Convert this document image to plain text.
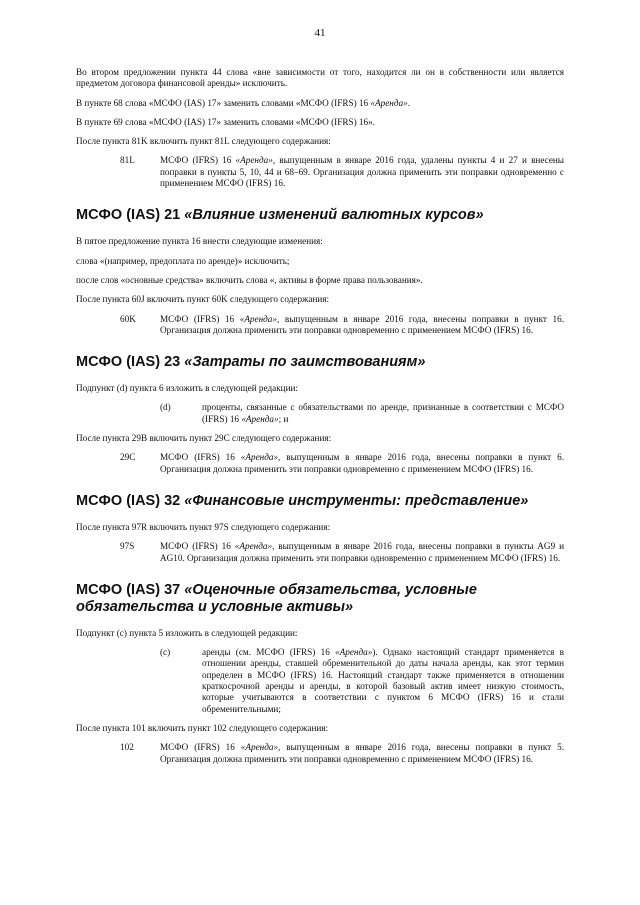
41

Во втором предложении пункта 44 слова «вне зависимости от того, находится ли он в собственности или является предметом договора финансовой аренды» исключить.

В пункте 68 слова «МСФО (IAS) 17» заменить словами «МСФО (IFRS) 16 «Аренда».

В пункте 69 слова «МСФО (IAS) 17» заменить словами «МСФО (IFRS) 16».

После пункта 81K включить пункт 81L следующего содержания:

81L	МСФО (IFRS) 16 «Аренда», выпущенным в январе 2016 года, удалены пункты 4 и 27 и внесены поправки в пункты 5, 10, 44 и 68–69. Организация должна применить эти поправки одновременно с применением МСФО (IFRS) 16.
МСФО (IAS) 21 «Влияние изменений валютных курсов»

В пятое предложение пункта 16 внести следующие изменения:

слова «(например, предоплата по аренде)» исключить;

после слов «основные средства» включить слова «, активы в форме права пользования».

После пункта 60J включить пункт 60K следующего содержания:

60K	МСФО (IFRS) 16 «Аренда», выпущенным в январе 2016 года, внесены поправки в пункт 16. Организация должна применить эти поправки одновременно с применением МСФО (IFRS) 16.
МСФО (IAS) 23 «Затраты по заимствованиям»

Подпункт (d) пункта 6 изложить в следующей редакции:

(d)	проценты, связанные с обязательствами по аренде, признанные в соответствии с МСФО (IFRS) 16 «Аренда»; и

После пункта 29B включить пункт 29C следующего содержания:

29C	МСФО (IFRS) 16 «Аренда», выпущенным в январе 2016 года, внесены поправки в пункт 6. Организация должна применить эти поправки одновременно с применением МСФО (IFRS) 16.
МСФО (IAS) 32 «Финансовые инструменты: представление»

После пункта 97R включить пункт 97S следующего содержания:

97S	МСФО (IFRS) 16 «Аренда», выпущенным в январе 2016 года, внесены поправки в пункты AG9 и AG10. Организация должна применить эти поправки одновременно с применением МСФО (IFRS) 16.
МСФО (IAS) 37 «Оценочные обязательства, условные обязательства и условные активы»

Подпункт (c) пункта 5 изложить в следующей редакции:

(c)	аренды (см. МСФО (IFRS) 16 «Аренда»). Однако настоящий стандарт применяется в отношении аренды, ставшей обременительной до даты начала аренды, как этот термин определен в МСФО (IFRS) 16. Настоящий стандарт также применяется в отношении краткосрочной аренды и аренды, в которой базовый актив имеет низкую стоимость, которые учитываются в соответствии с пунктом 6 МСФО (IFRS) 16 и стали обременительными;

После пункта 101 включить пункт 102 следующего содержания:

102	МСФО (IFRS) 16 «Аренда», выпущенным в январе 2016 года, внесены поправки в пункт 5. Организация должна применить эти поправки одновременно с применением МСФО (IFRS) 16.
